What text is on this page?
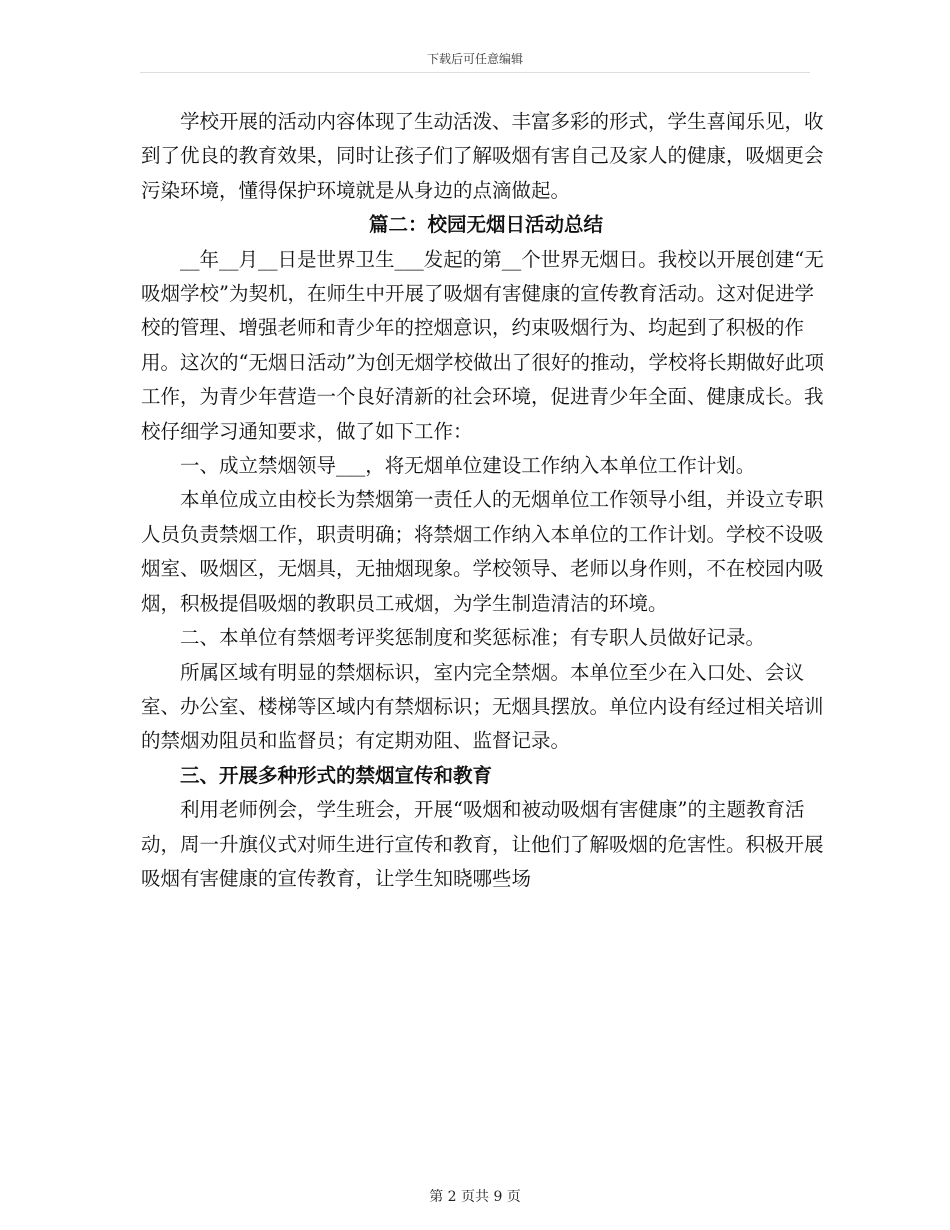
下载后可任意编辑

学校开展的活动内容体现了生动活泼、丰富多彩的形式，学生喜闻乐见，收到了优良的教育效果，同时让孩子们了解吸烟有害自己及家人的健康，吸烟更会污染环境，懂得保护环境就是从身边的点滴做起。

篇二：校园无烟日活动总结

__年__月__日是世界卫生___发起的第__个世界无烟日。我校以开展创建“无吸烟学校”为契机，在师生中开展了吸烟有害健康的宣传教育活动。这对促进学校的管理、增强老师和青少年的控烟意识，约束吸烟行为、均起到了积极的作用。这次的“无烟日活动”为创无烟学校做出了很好的推动，学校将长期做好此项工作，为青少年营造一个良好清新的社会环境，促进青少年全面、健康成长。我校仔细学习通知要求，做了如下工作：

一、成立禁烟领导___，将无烟单位建设工作纳入本单位工作计划。

本单位成立由校长为禁烟第一责任人的无烟单位工作领导小组，并设立专职人员负责禁烟工作，职责明确；将禁烟工作纳入本单位的工作计划。学校不设吸烟室、吸烟区，无烟具，无抽烟现象。学校领导、老师以身作则，不在校园内吸烟，积极提倡吸烟的教职员工戒烟，为学生制造清洁的环境。

二、本单位有禁烟考评奖惩制度和奖惩标准；有专职人员做好记录。

所属区域有明显的禁烟标识，室内完全禁烟。本单位至少在入口处、会议室、办公室、楼梯等区域内有禁烟标识；无烟具摆放。单位内设有经过相关培训的禁烟劝阻员和监督员；有定期劝阻、监督记录。

三、开展多种形式的禁烟宣传和教育

利用老师例会，学生班会，开展“吸烟和被动吸烟有害健康”的主题教育活动，周一升旗仪式对师生进行宣传和教育，让他们了解吸烟的危害性。积极开展吸烟有害健康的宣传教育，让学生知晓哪些场

第 2 页共 9 页
